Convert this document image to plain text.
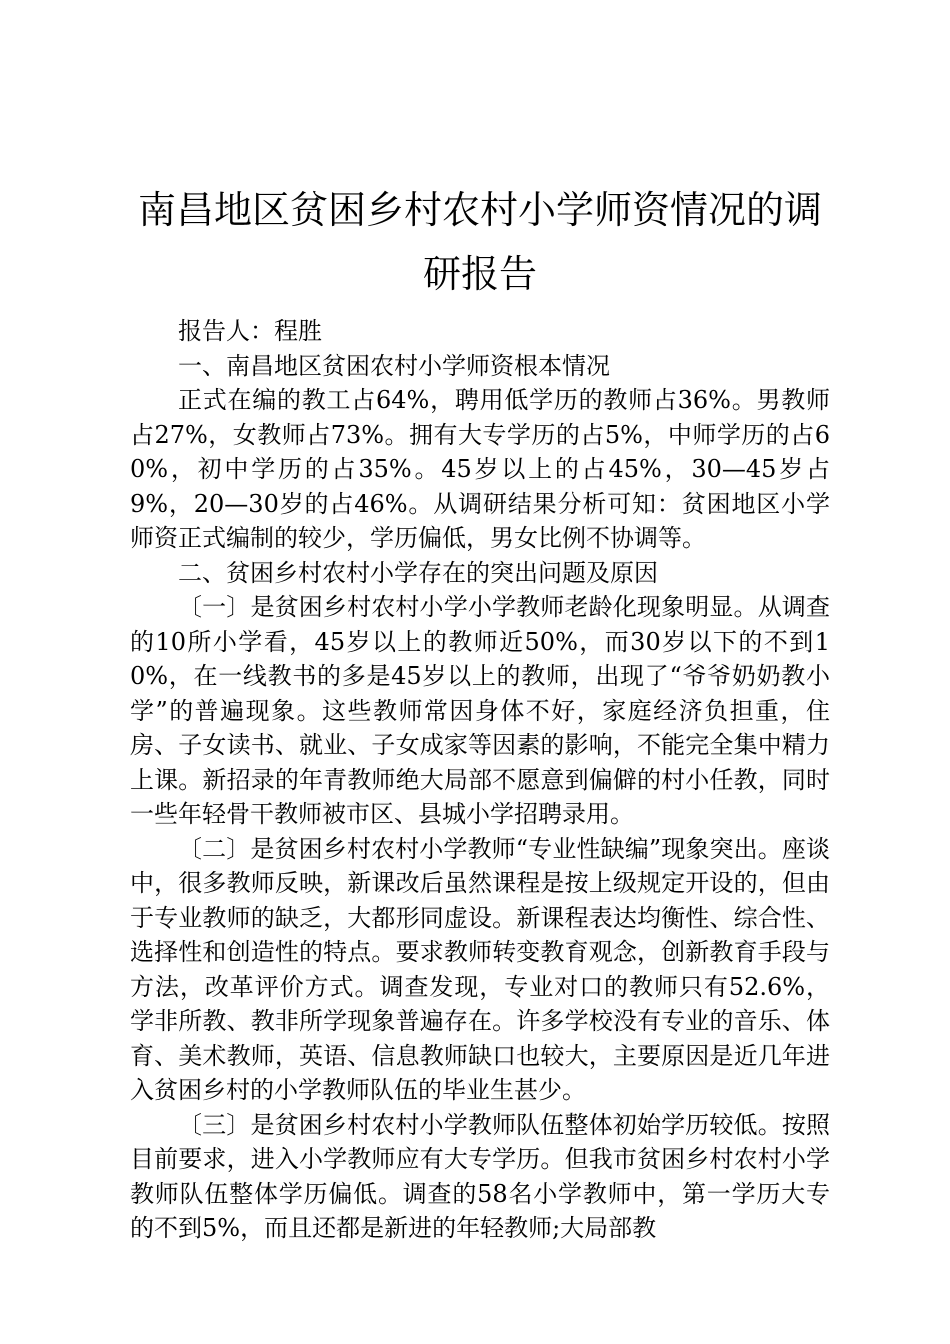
南昌地区贫困乡村农村小学师资情况的调研报告

报告人：程胜

一、南昌地区贫困农村小学师资根本情况

正式在编的教工占64%，聘用低学历的教师占36%。男教师占27%，女教师占73%。拥有大专学历的占5%，中师学历的占60%，初中学历的占35%。45岁以上的占45%，30—45岁占9%，20—30岁的占46%。从调研结果分析可知：贫困地区小学师资正式编制的较少，学历偏低，男女比例不协调等。

二、贫困乡村农村小学存在的突出问题及原因

〔一〕是贫困乡村农村小学小学教师老龄化现象明显。从调查的10所小学看，45岁以上的教师近50%，而30岁以下的不到10%，在一线教书的多是45岁以上的教师，出现了“爷爷奶奶教小学”的普遍现象。这些教师常因身体不好，家庭经济负担重，住房、子女读书、就业、子女成家等因素的影响，不能完全集中精力上课。新招录的年青教师绝大局部不愿意到偏僻的村小任教，同时一些年轻骨干教师被市区、县城小学招聘录用。

〔二〕是贫困乡村农村小学教师“专业性缺编”现象突出。座谈中，很多教师反映，新课改后虽然课程是按上级规定开设的，但由于专业教师的缺乏，大都形同虚设。新课程表达均衡性、综合性、选择性和创造性的特点。要求教师转变教育观念，创新教育手段与方法，改革评价方式。调查发现，专业对口的教师只有52.6%，学非所教、教非所学现象普遍存在。许多学校没有专业的音乐、体育、美术教师，英语、信息教师缺口也较大，主要原因是近几年进入贫困乡村的小学教师队伍的毕业生甚少。

〔三〕是贫困乡村农村小学教师队伍整体初始学历较低。按照目前要求，进入小学教师应有大专学历。但我市贫困乡村农村小学教师队伍整体学历偏低。调查的58名小学教师中，第一学历大专的不到5%，而且还都是新进的年轻教师;大局部教
